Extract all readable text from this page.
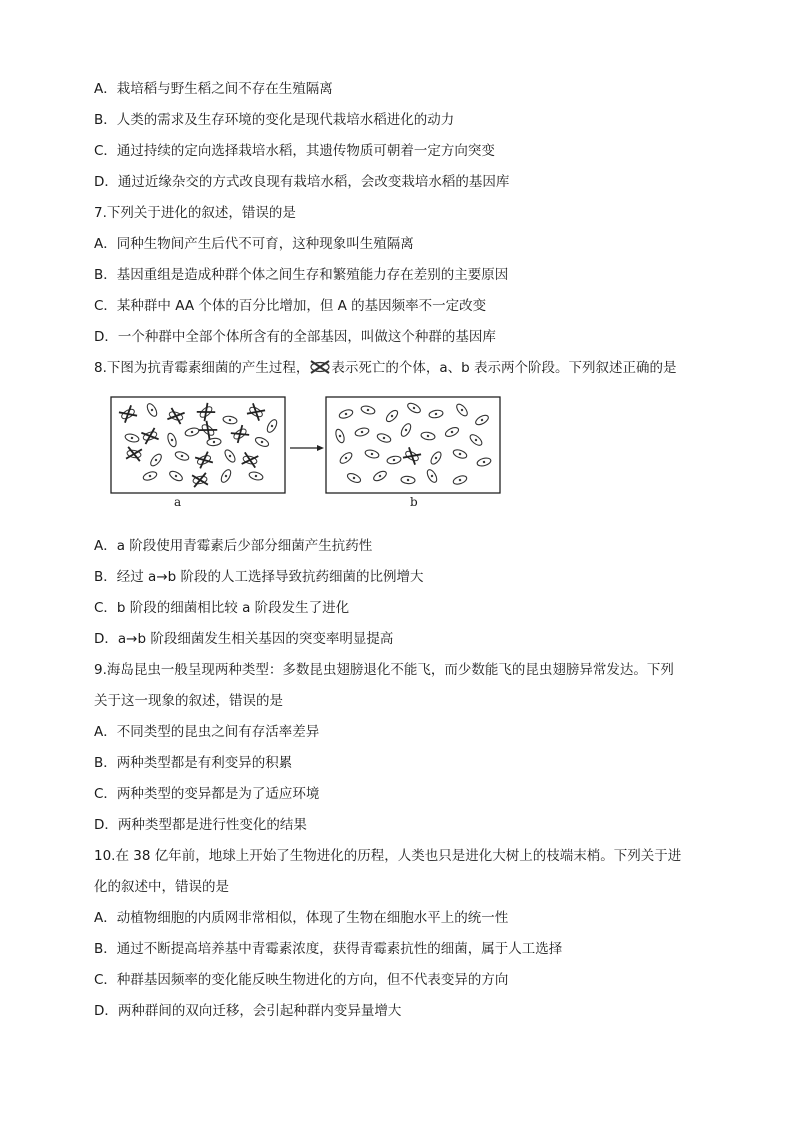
A．栽培稻与野生稻之间不存在生殖隔离
B．人类的需求及生存环境的变化是现代栽培水稻进化的动力
C．通过持续的定向选择栽培水稻，其遗传物质可朝着一定方向突变
D．通过近缘杂交的方式改良现有栽培水稻，会改变栽培水稻的基因库
7.下列关于进化的叙述，错误的是
A．同种生物间产生后代不可育，这种现象叫生殖隔离
B．基因重组是造成种群个体之间生存和繁殖能力存在差别的主要原因
C．某种群中 AA 个体的百分比增加，但 A 的基因频率不一定改变
D．一个种群中全部个体所含有的全部基因，叫做这个种群的基因库
8.下图为抗青霉素细菌的产生过程， 表示死亡的个体，a、b 表示两个阶段。下列叙述正确的是
a	b
A．a 阶段使用青霉素后少部分细菌产生抗药性
B．经过 a→b 阶段的人工选择导致抗药细菌的比例增大
C．b 阶段的细菌相比较 a 阶段发生了进化
D．a→b 阶段细菌发生相关基因的突变率明显提高
9.海岛昆虫一般呈现两种类型：多数昆虫翅膀退化不能飞，而少数能飞的昆虫翅膀异常发达。下列
关于这一现象的叙述，错误的是
A．不同类型的昆虫之间有存活率差异
B．两种类型都是有利变异的积累
C．两种类型的变异都是为了适应环境
D．两种类型都是进行性变化的结果
10.在 38 亿年前，地球上开始了生物进化的历程，人类也只是进化大树上的枝端末梢。下列关于进
化的叙述中，错误的是
A．动植物细胞的内质网非常相似，体现了生物在细胞水平上的统一性
B．通过不断提高培养基中青霉素浓度，获得青霉素抗性的细菌，属于人工选择
C．种群基因频率的变化能反映生物进化的方向，但不代表变异的方向
D．两种群间的双向迁移，会引起种群内变异量增大
